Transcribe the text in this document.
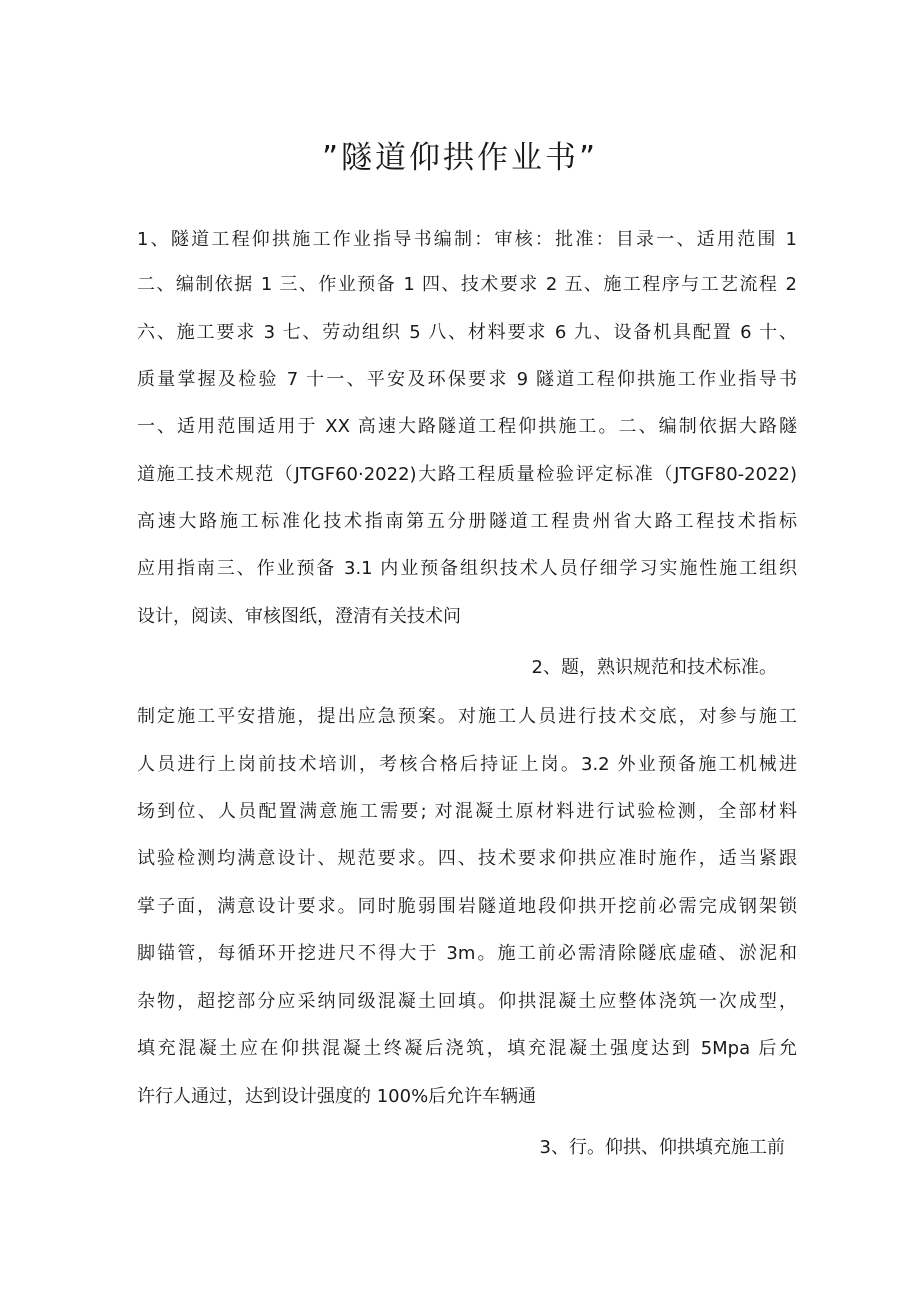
”隧道仰拱作业书”
1、隧道工程仰拱施工作业指导书编制：审核：批准：目录一、适用范围 1
二、编制依据 1 三、作业预备 1 四、技术要求 2 五、施工程序与工艺流程 2
六、施工要求 3 七、劳动组织 5 八、材料要求 6 九、设备机具配置 6 十、
质量掌握及检验 7 十一、平安及环保要求 9 隧道工程仰拱施工作业指导书
一、适用范围适用于 XX 高速大路隧道工程仰拱施工。二、编制依据大路隧
道施工技术规范（JTGF60·2022)大路工程质量检验评定标准（JTGF80-2022)
高速大路施工标准化技术指南第五分册隧道工程贵州省大路工程技术指标
应用指南三、作业预备 3.1 内业预备组织技术人员仔细学习实施性施工组织
设计，阅读、审核图纸，澄清有关技术问
2、题，熟识规范和技术标准。
制定施工平安措施，提出应急预案。对施工人员进行技术交底，对参与施工
人员进行上岗前技术培训，考核合格后持证上岗。3.2 外业预备施工机械进
场到位、人员配置满意施工需要; 对混凝土原材料进行试验检测，全部材料
试验检测均满意设计、规范要求。四、技术要求仰拱应准时施作，适当紧跟
掌子面，满意设计要求。同时脆弱围岩隧道地段仰拱开挖前必需完成钢架锁
脚锚管，每循环开挖进尺不得大于 3m。施工前必需清除隧底虚碴、淤泥和
杂物，超挖部分应采纳同级混凝土回填。仰拱混凝土应整体浇筑一次成型，
填充混凝土应在仰拱混凝土终凝后浇筑，填充混凝土强度达到 5Mpa 后允
许行人通过，达到设计强度的 100%后允许车辆通
3、行。仰拱、仰拱填充施工前
